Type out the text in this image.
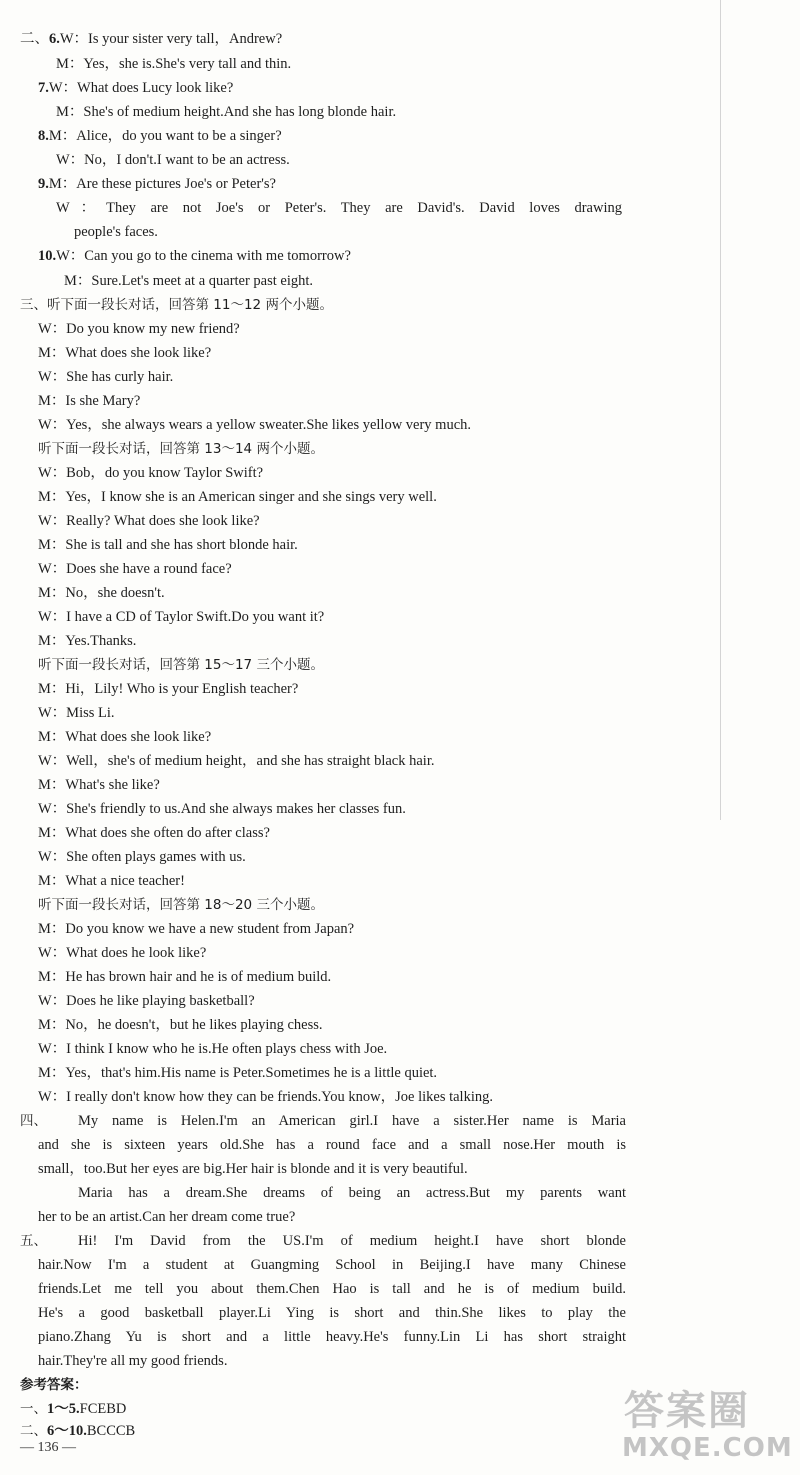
二、6.W：Is your sister very tall，Andrew?
M：Yes，she is.She's very tall and thin.
7.W：What does Lucy look like?
M：She's of medium height.And she has long blonde hair.
8.M：Alice，do you want to be a singer?
W：No，I don't.I want to be an actress.
9.M：Are these pictures Joe's or Peter's?
W：They are not Joe's or Peter's. They are David's. David loves drawing
people's faces.
10.W：Can you go to the cinema with me tomorrow?
M：Sure.Let's meet at a quarter past eight.
三、听下面一段长对话，回答第 11～12 两个小题。
W：Do you know my new friend?
M：What does she look like?
W：She has curly hair.
M：Is she Mary?
W：Yes，she always wears a yellow sweater.She likes yellow very much.
听下面一段长对话，回答第 13～14 两个小题。
W：Bob，do you know Taylor Swift?
M：Yes，I know she is an American singer and she sings very well.
W：Really? What does she look like?
M：She is tall and she has short blonde hair.
W：Does she have a round face?
M：No，she doesn't.
W：I have a CD of Taylor Swift.Do you want it?
M：Yes.Thanks.
听下面一段长对话，回答第 15～17 三个小题。
M：Hi，Lily! Who is your English teacher?
W：Miss Li.
M：What does she look like?
W：Well，she's of medium height，and she has straight black hair.
M：What's she like?
W：She's friendly to us.And she always makes her classes fun.
M：What does she often do after class?
W：She often plays games with us.
M：What a nice teacher!
听下面一段长对话，回答第 18～20 三个小题。
M：Do you know we have a new student from Japan?
W：What does he look like?
M：He has brown hair and he is of medium build.
W：Does he like playing basketball?
M：No，he doesn't，but he likes playing chess.
W：I think I know who he is.He often plays chess with Joe.
M：Yes，that's him.His name is Peter.Sometimes he is a little quiet.
W：I really don't know how they can be friends.You know，Joe likes talking.
四、 My name is Helen.I'm an American girl.I have a sister.Her name is Maria
and she is sixteen years old.She has a round face and a small nose.Her mouth is
small，too.But her eyes are big.Her hair is blonde and it is very beautiful.
Maria has a dream.She dreams of being an actress.But my parents want
her to be an artist.Can her dream come true?
五、 Hi! I'm David from the US.I'm of medium height.I have short blonde
hair.Now I'm a student at Guangming School in Beijing.I have many Chinese
friends.Let me tell you about them.Chen Hao is tall and he is of medium build.
He's a good basketball player.Li Ying is short and thin.She likes to play the
piano.Zhang Yu is short and a little heavy.He's funny.Lin Li has short straight
hair.They're all my good friends.
参考答案：
一、1～5.FCEBD
二、6～10.BCCCB
— 136 —
答案圈
MXQE.COM
